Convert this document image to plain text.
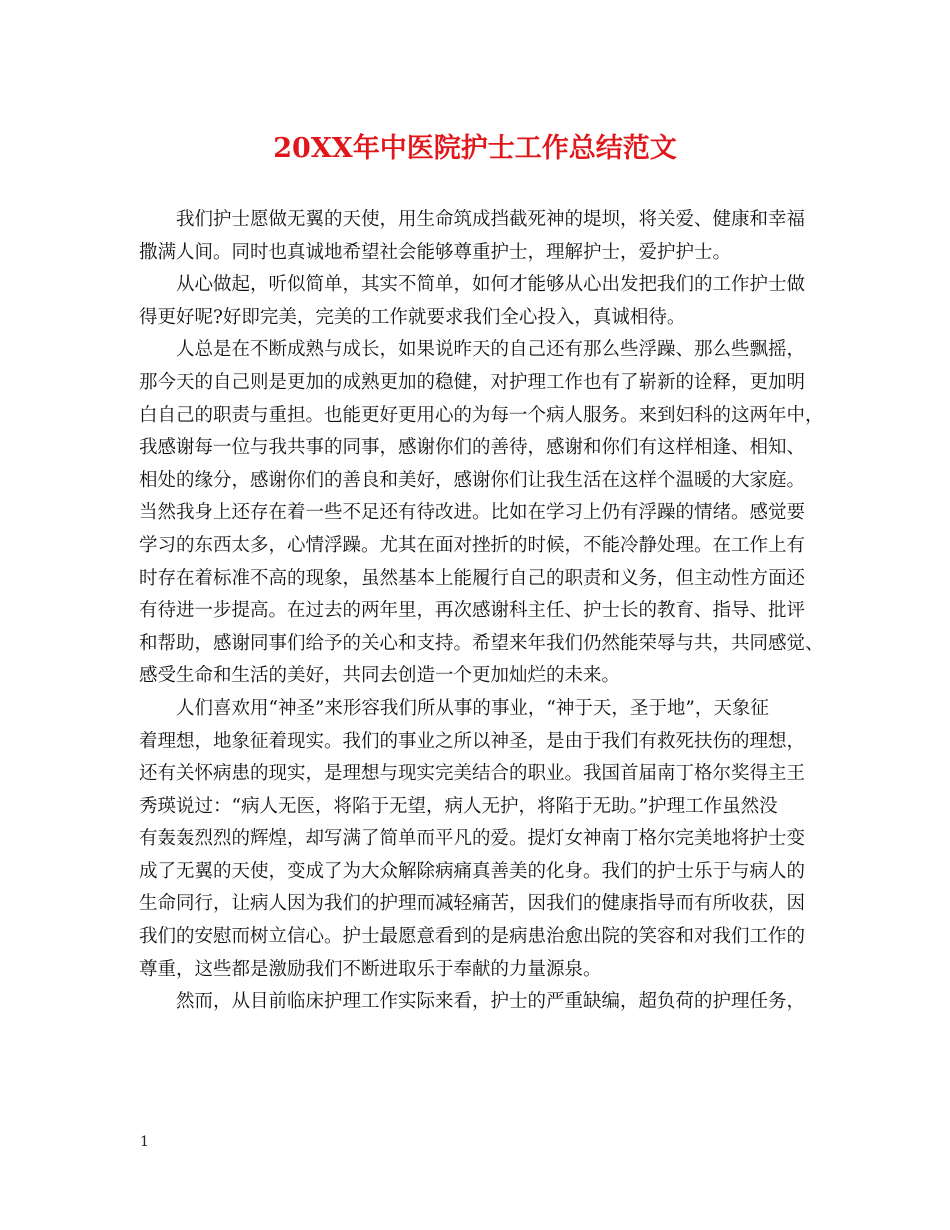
20XX年中医院护士工作总结范文
我们护士愿做无翼的天使，用生命筑成挡截死神的堤坝，将关爱、健康和幸福
撒满人间。同时也真诚地希望社会能够尊重护士，理解护士，爱护护士。
从心做起，听似简单，其实不简单，如何才能够从心出发把我们的工作护士做
得更好呢?好即完美，完美的工作就要求我们全心投入，真诚相待。
人总是在不断成熟与成长，如果说昨天的自己还有那么些浮躁、那么些飘摇，
那今天的自己则是更加的成熟更加的稳健，对护理工作也有了崭新的诠释，更加明
白自己的职责与重担。也能更好更用心的为每一个病人服务。来到妇科的这两年中，
我感谢每一位与我共事的同事，感谢你们的善待，感谢和你们有这样相逢、相知、
相处的缘分，感谢你们的善良和美好，感谢你们让我生活在这样个温暖的大家庭。
当然我身上还存在着一些不足还有待改进。比如在学习上仍有浮躁的情绪。感觉要
学习的东西太多，心情浮躁。尤其在面对挫折的时候，不能冷静处理。在工作上有
时存在着标准不高的现象，虽然基本上能履行自己的职责和义务，但主动性方面还
有待进一步提高。在过去的两年里，再次感谢科主任、护士长的教育、指导、批评
和帮助，感谢同事们给予的关心和支持。希望来年我们仍然能荣辱与共，共同感觉、
感受生命和生活的美好，共同去创造一个更加灿烂的未来。
人们喜欢用“神圣”来形容我们所从事的事业，“神于天，圣于地”，天象征
着理想，地象征着现实。我们的事业之所以神圣，是由于我们有救死扶伤的理想，
还有关怀病患的现实，是理想与现实完美结合的职业。我国首届南丁格尔奖得主王
秀瑛说过：“病人无医，将陷于无望，病人无护，将陷于无助。”护理工作虽然没
有轰轰烈烈的辉煌，却写满了简单而平凡的爱。提灯女神南丁格尔完美地将护士变
成了无翼的天使，变成了为大众解除病痛真善美的化身。我们的护士乐于与病人的
生命同行，让病人因为我们的护理而减轻痛苦，因我们的健康指导而有所收获，因
我们的安慰而树立信心。护士最愿意看到的是病患治愈出院的笑容和对我们工作的
尊重，这些都是激励我们不断进取乐于奉献的力量源泉。
然而，从目前临床护理工作实际来看，护士的严重缺编，超负荷的护理任务，
1
